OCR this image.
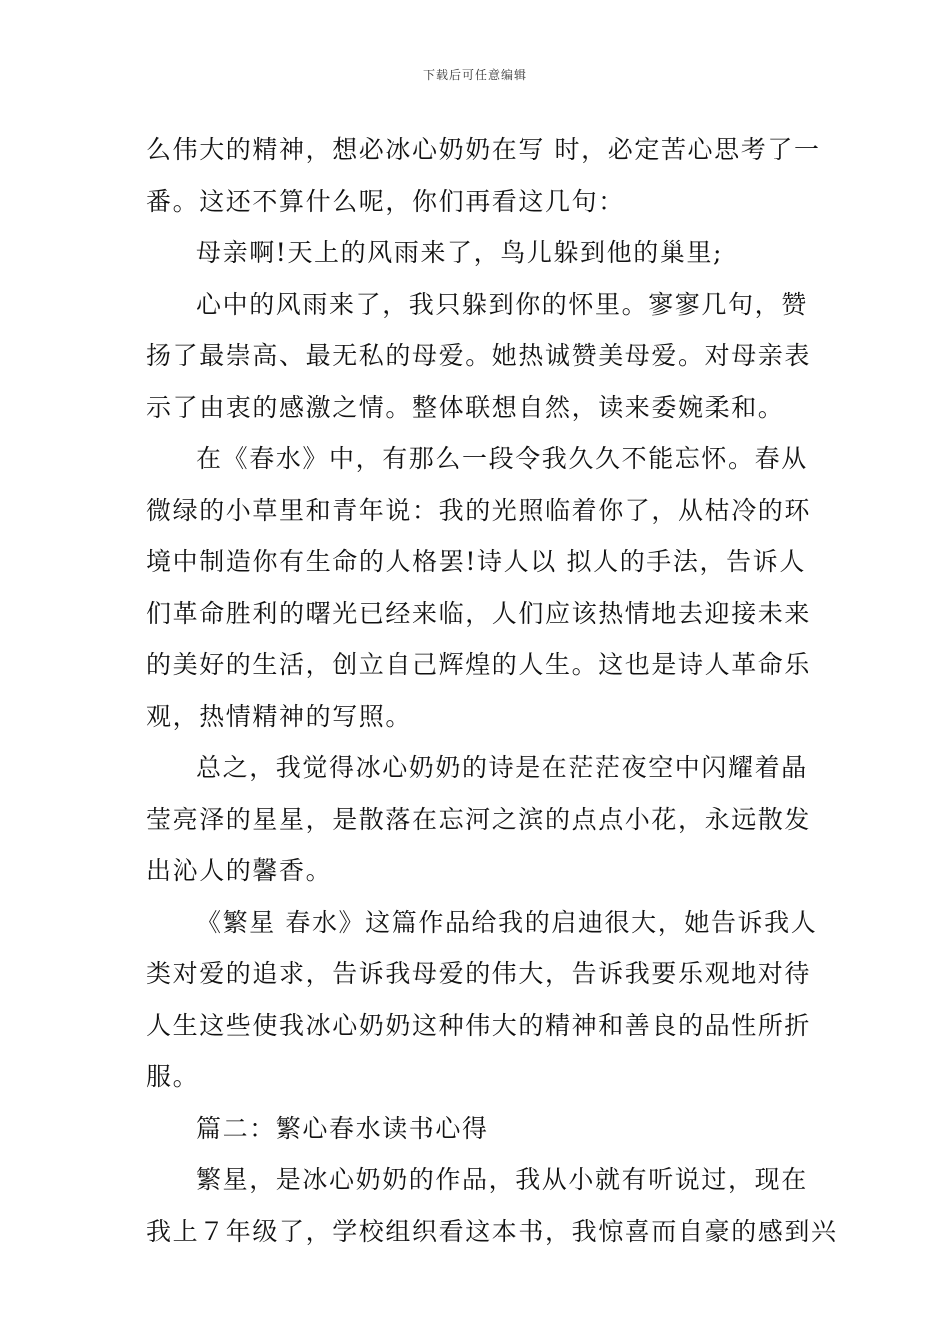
下载后可任意编辑
么伟大的精神，想必冰心奶奶在写 时，必定苦心思考了一
番。这还不算什么呢，你们再看这几句：
母亲啊!天上的风雨来了，鸟儿躲到他的巢里;
心中的风雨来了，我只躲到你的怀里。寥寥几句，赞
扬了最崇高、最无私的母爱。她热诚赞美母爱。对母亲表
示了由衷的感激之情。整体联想自然，读来委婉柔和。
在《春水》中，有那么一段令我久久不能忘怀。春从
微绿的小草里和青年说：我的光照临着你了，从枯冷的环
境中制造你有生命的人格罢!诗人以 拟人的手法，告诉人
们革命胜利的曙光已经来临，人们应该热情地去迎接未来
的美好的生活，创立自己辉煌的人生。这也是诗人革命乐
观，热情精神的写照。
总之，我觉得冰心奶奶的诗是在茫茫夜空中闪耀着晶
莹亮泽的星星，是散落在忘河之滨的点点小花，永远散发
出沁人的馨香。
《繁星 春水》这篇作品给我的启迪很大，她告诉我人
类对爱的追求，告诉我母爱的伟大，告诉我要乐观地对待
人生这些使我冰心奶奶这种伟大的精神和善良的品性所折
服。
篇二：繁心春水读书心得
繁星，是冰心奶奶的作品，我从小就有听说过，现在
我上７年级了，学校组织看这本书，我惊喜而自豪的感到兴
